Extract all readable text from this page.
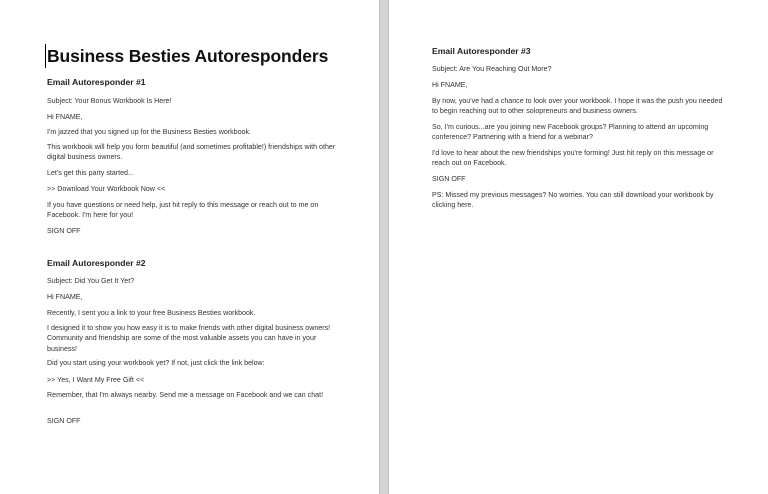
Business Besties Autoresponders
Email Autoresponder #1
Subject: Your Bonus Workbook Is Here!
Hi FNAME,
I'm jazzed that you signed up for the Business Besties workbook.
This workbook will help you form beautiful (and sometimes profitable!) friendships with other digital business owners.
Let's get this party started...
>> Download Your Workbook Now <<
If you have questions or need help, just hit reply to this message or reach out to me on Facebook. I'm here for you!
SIGN OFF
Email Autoresponder #2
Subject: Did You Get It Yet?
Hi FNAME,
Recently, I sent you a link to your free Business Besties workbook.
I designed it to show you how easy it is to make friends with other digital business owners! Community and friendship are some of the most valuable assets you can have in your business!
Did you start using your workbook yet? If not, just click the link below:
>> Yes, I Want My Free Gift <<
Remember, that I'm always nearby. Send me a message on Facebook and we can chat!
SIGN OFF
Email Autoresponder #3
Subject: Are You Reaching Out More?
Hi FNAME,
By now, you've had a chance to look over your workbook. I hope it was the push you needed to begin reaching out to other solopreneurs and business owners.
So, I'm curious...are you joining new Facebook groups? Planning to attend an upcoming conference? Partnering with a friend for a webinar?
I'd love to hear about the new friendships you're forming! Just hit reply on this message or reach out on Facebook.
SIGN OFF
PS: Missed my previous messages? No worries. You can still download your workbook by clicking here.
